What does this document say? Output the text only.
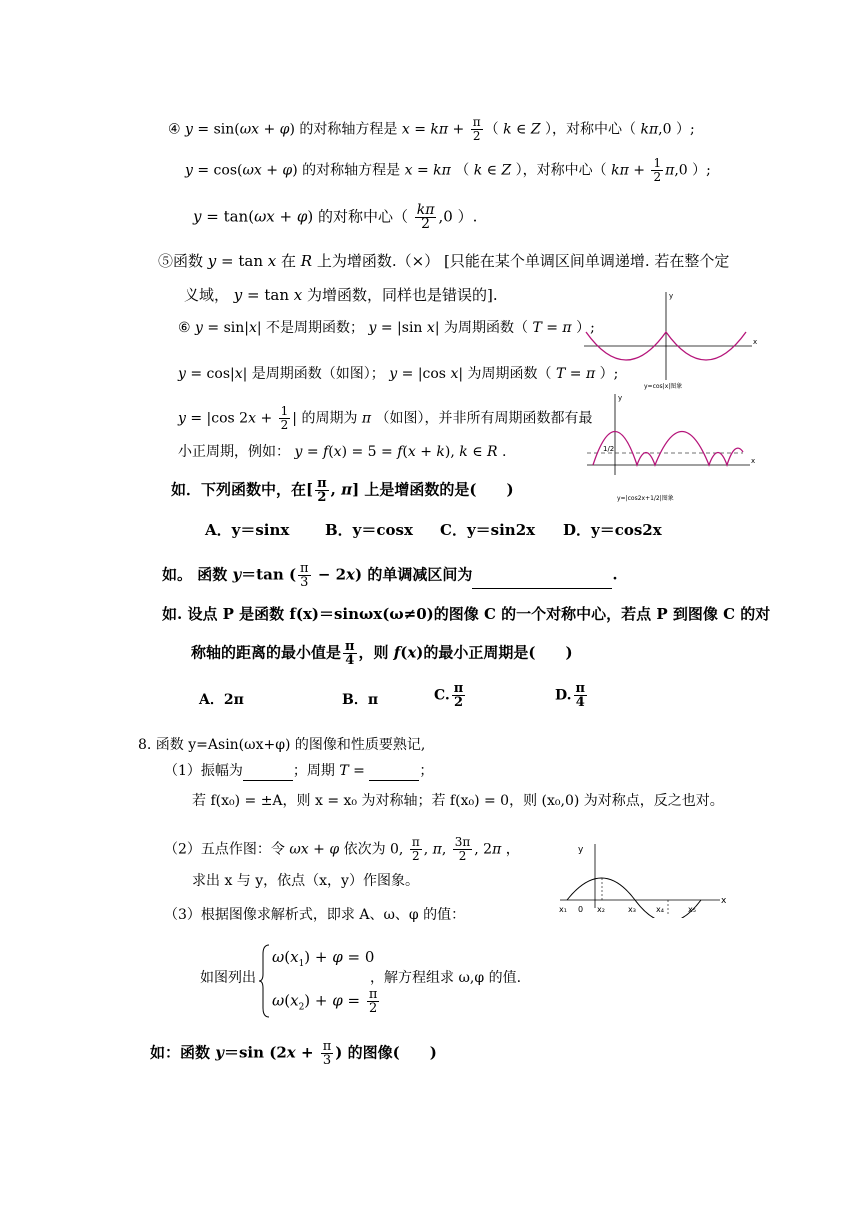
④ y = sin(ωx + φ) 的对称轴方程是 $x = k\pi + \frac{\pi}{2}$ （ k ∈ Z ），对称中心（ kπ,0 ）;
y = cos(ωx + φ) 的对称轴方程是 x = kπ （ k ∈ Z ），对称中心（ $k\pi + \frac{1}{2} \pi,0$ ）;
y = tan(ωx + φ) 的对称中心（ $\frac{k\pi}{2} ,0$ ）.
⑤函数 y = tan x 在 R 上为增函数.（×） [只能在某个单调区间单调递增. 若在整个定
义域， y = tan x 为增函数，同样也是错误的].
⑥ y = sin|x| 不是周期函数； y = |sin x| 为周期函数（ T = π ）;
y = cos|x| 是周期函数（如图）； y = |cos x| 为周期函数（ T = π ）;
y = |cos $2x + \frac{1}{2}$ | 的周期为 π （如图），并非所有周期函数都有最
小正周期，例如： y = f(x) = 5 = f(x + k), k ∈ R .
y
x
y=cos|x|图象
y
x
1/2
y=|cos2x+1/2|图象
如．下列函数中，在[ $\frac{\pi}{2}$ , π] 上是增函数的是(　　)
A．y＝sinx B．y＝cosx C．y＝sin2x D．y＝cos2x
如。 函数 y＝tan ( $\frac{\pi}{3} - 2x$) 的单调减区间为	.
如. 设点 P 是函数 f(x)＝sinωx(ω≠0)的图像 C 的一个对称中心，若点 P 到图像 C 的对
称轴的距离的最小值是 $\frac{\pi}{4}$ ，则 f(x)的最小正周期是(　　)
A．2π	B．π	C. $\frac{\pi}{2}$	D. $\frac{\pi}{4}$
8. 函数 y=Asin(ωx+φ) 的图像和性质要熟记,
（1）振幅为	；周期 T =	；
若 f(x₀) = ±A，则 x = x₀ 为对称轴；若 f(x₀) = 0，则 (x₀,0) 为对称点，反之也对。
（2）五点作图：令 ωx + φ 依次为 0, $\frac{\pi}{2}$ , π, $\frac{3\pi}{2}$ , 2π ，
求出 x 与 y，依点（x，y）作图象。
（3）根据图像求解析式，即求 A、ω、φ 的值：
如图列出
$\omega(x_1) + \varphi = 0$
$\omega(x_2) + \varphi = \frac{\pi}{2}$
，解方程组求 ω,φ 的值.
y
x
x₁ 0 x₂	x₃	x₄	x₅
如：函数 y＝sin ($2x + \frac{\pi}{3}$ ) 的图像(　　)
